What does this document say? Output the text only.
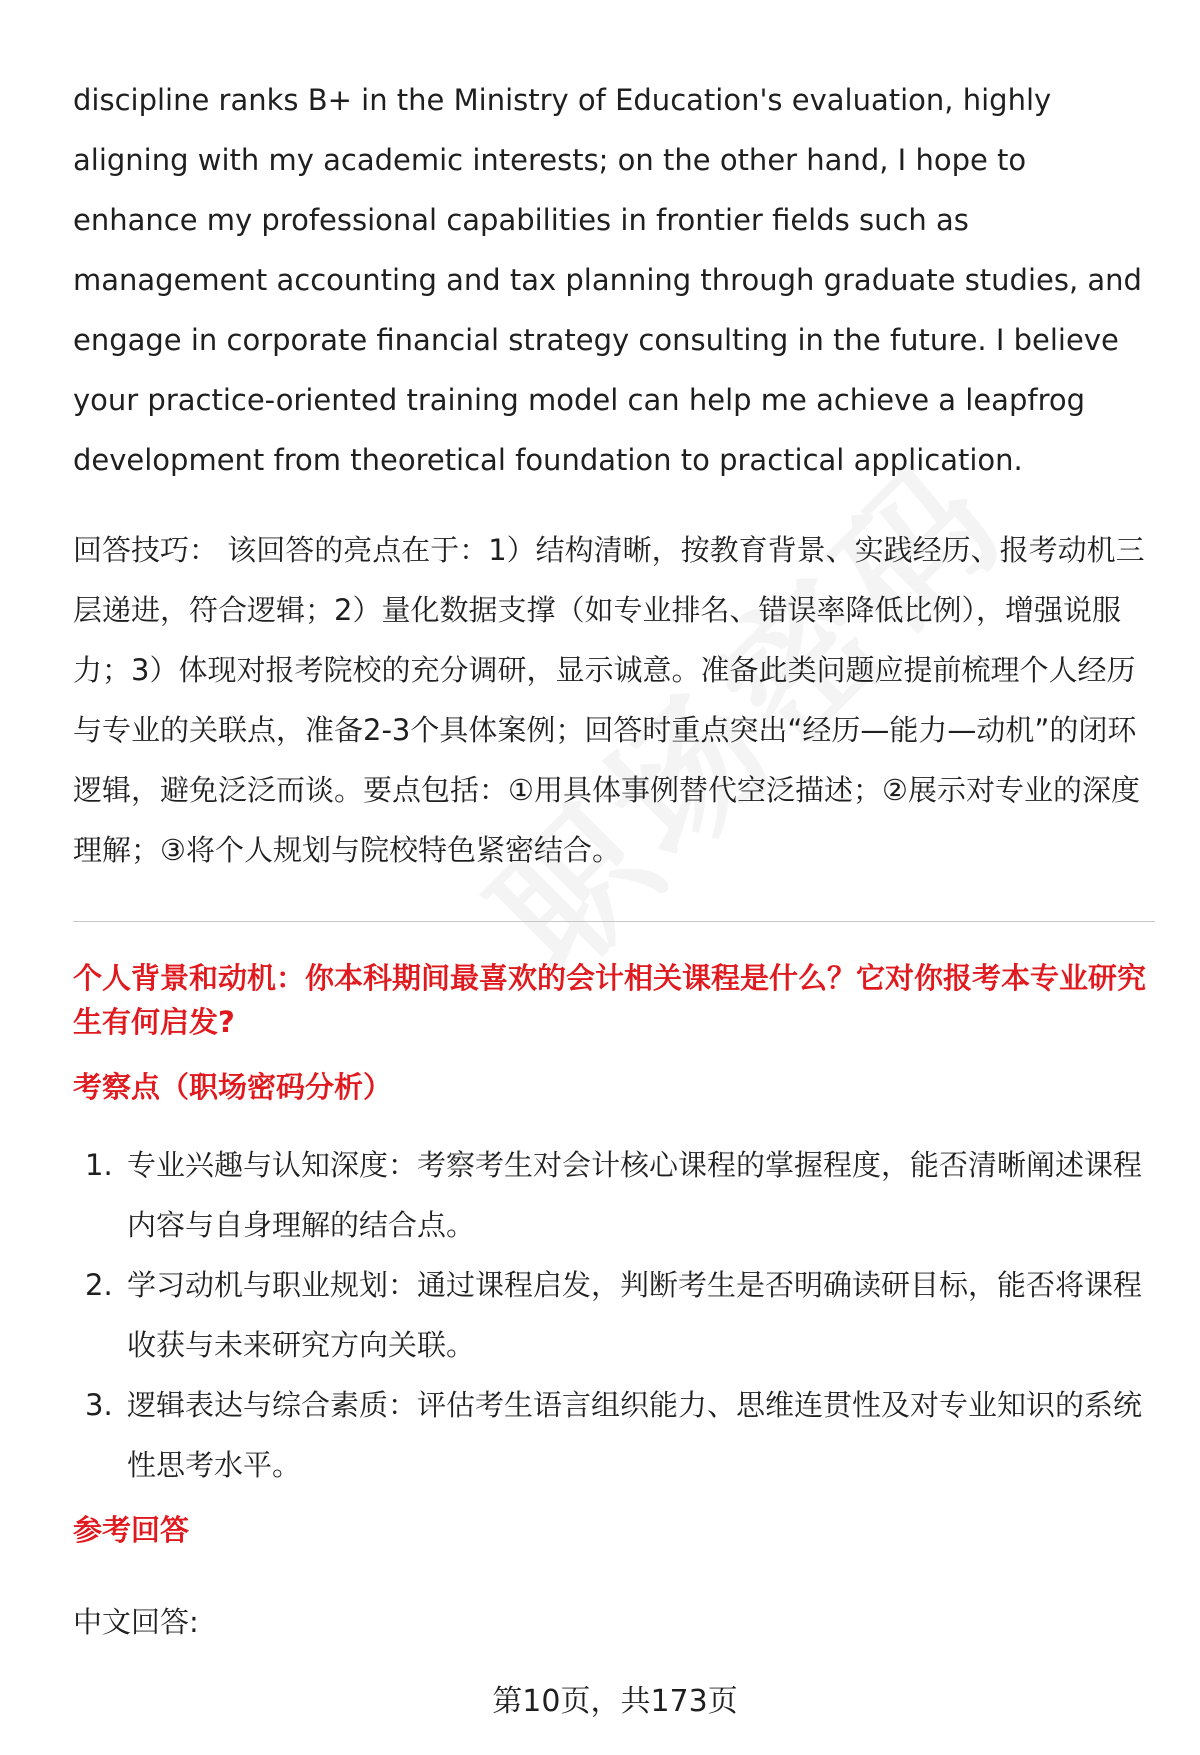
discipline ranks B+ in the Ministry of Education's evaluation, highly aligning with my academic interests; on the other hand, I hope to enhance my professional capabilities in frontier fields such as management accounting and tax planning through graduate studies, and engage in corporate financial strategy consulting in the future. I believe your practice-oriented training model can help me achieve a leapfrog development from theoretical foundation to practical application.
回答技巧： 该回答的亮点在于：1）结构清晰，按教育背景、实践经历、报考动机三层递进，符合逻辑；2）量化数据支撑（如专业排名、错误率降低比例），增强说服力；3）体现对报考院校的充分调研，显示诚意。准备此类问题应提前梳理个人经历与专业的关联点，准备2-3个具体案例；回答时重点突出“经历—能力—动机”的闭环逻辑，避免泛泛而谈。要点包括：①用具体事例替代空泛描述；②展示对专业的深度理解；③将个人规划与院校特色紧密结合。
个人背景和动机：你本科期间最喜欢的会计相关课程是什么？它对你报考本专业研究生有何启发?
考察点（职场密码分析）
1. 专业兴趣与认知深度：考察考生对会计核心课程的掌握程度，能否清晰阐述课程内容与自身理解的结合点。
2. 学习动机与职业规划：通过课程启发，判断考生是否明确读研目标，能否将课程收获与未来研究方向关联。
3. 逻辑表达与综合素质：评估考生语言组织能力、思维连贯性及对专业知识的系统性思考水平。
参考回答
中文回答:
第10页，共173页
